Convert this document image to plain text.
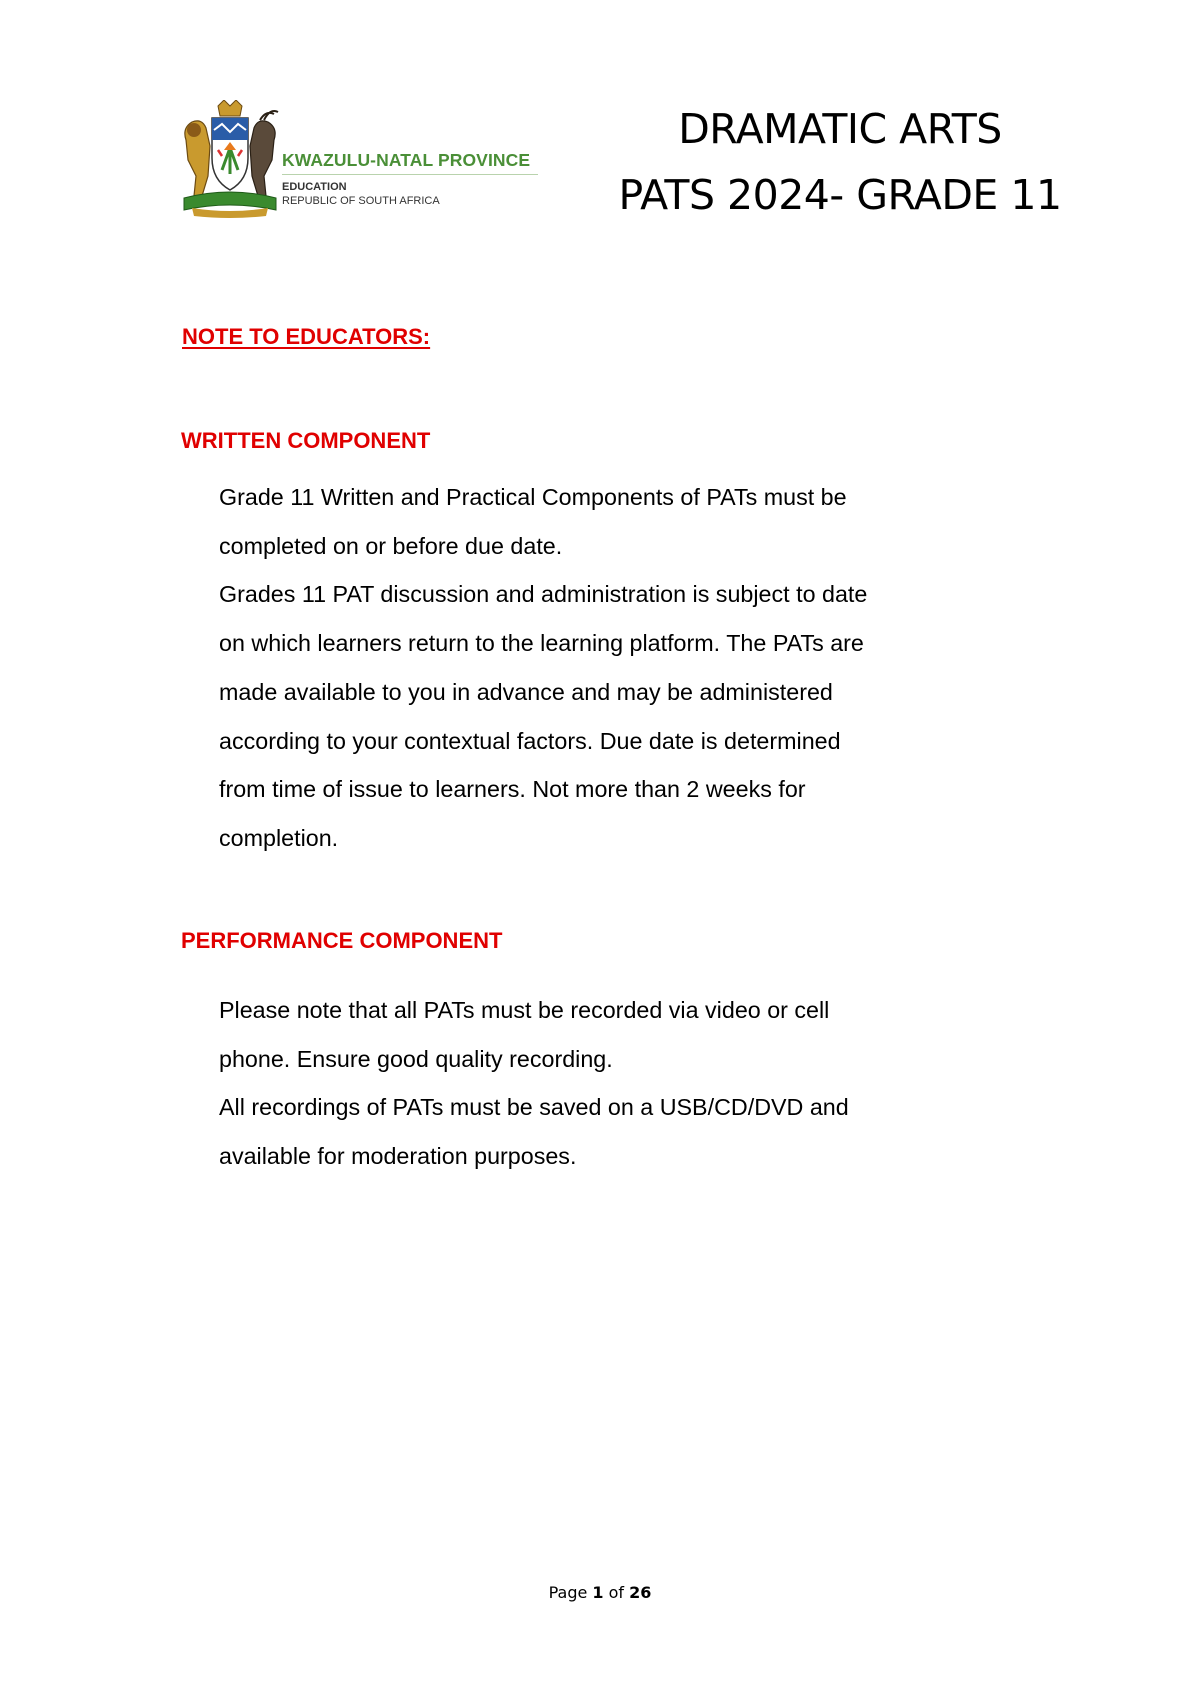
KWAZULU-NATAL PROVINCE
EDUCATION
REPUBLIC OF SOUTH AFRICA
DRAMATIC ARTS
PATS 2024- GRADE 11
NOTE TO EDUCATORS:
WRITTEN COMPONENT
Grade 11 Written and Practical Components of PATs must be
completed on or before due date.
Grades 11 PAT discussion and administration is subject to date
on which learners return to the learning platform. The PATs are
made available to you in advance and may be administered
according to your contextual factors. Due date is determined
from time of issue to learners. Not more than 2 weeks for
completion.
PERFORMANCE COMPONENT
Please note that all PATs must be recorded via video or cell
phone. Ensure good quality recording.
All recordings of PATs must be saved on a USB/CD/DVD and
available for moderation purposes.
Page 1 of 26
